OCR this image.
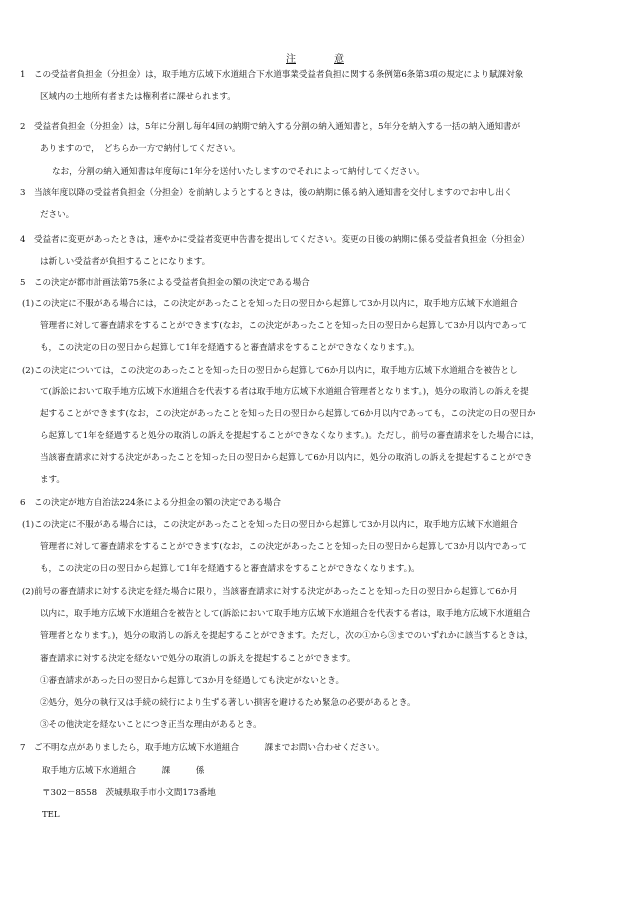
注	意
1　この受益者負担金（分担金）は，取手地方広域下水道組合下水道事業受益者負担に関する条例第6条第3項の規定により賦課対象
区域内の土地所有者または権利者に課せられます。
2　受益者負担金（分担金）は，5年に分割し毎年4回の納期で納入する分割の納入通知書と，5年分を納入する一括の納入通知書が
ありますので，　どちらか一方で納付してください。
なお，分割の納入通知書は年度毎に1年分を送付いたしますのでそれによって納付してください。
3　当該年度以降の受益者負担金（分担金）を前納しようとするときは，後の納期に係る納入通知書を交付しますのでお申し出く
ださい。
4　受益者に変更があったときは，速やかに受益者変更申告書を提出してください。変更の日後の納期に係る受益者負担金（分担金）
は新しい受益者が負担することになります。
5　この決定が都市計画法第75条による受益者負担金の額の決定である場合
(1)この決定に不服がある場合には，この決定があったことを知った日の翌日から起算して3か月以内に，取手地方広域下水道組合
管理者に対して審査請求をすることができます(なお，この決定があったことを知った日の翌日から起算して3か月以内であって
も，この決定の日の翌日から起算して1年を経過すると審査請求をすることができなくなります。)。
(2)この決定については，この決定のあったことを知った日の翌日から起算して6か月以内に，取手地方広域下水道組合を被告とし
て(訴訟において取手地方広域下水道組合を代表する者は取手地方広域下水道組合管理者となります。)，処分の取消しの訴えを提
起することができます(なお，この決定があったことを知った日の翌日から起算して6か月以内であっても，この決定の日の翌日か
ら起算して1年を経過すると処分の取消しの訴えを提起することができなくなります。)。ただし，前号の審査請求をした場合には，
当該審査請求に対する決定があったことを知った日の翌日から起算して6か月以内に，処分の取消しの訴えを提起することができ
ます。
6　この決定が地方自治法224条による分担金の額の決定である場合
(1)この決定に不服がある場合には，この決定があったことを知った日の翌日から起算して3か月以内に，取手地方広域下水道組合
管理者に対して審査請求をすることができます(なお，この決定があったことを知った日の翌日から起算して3か月以内であって
も，この決定の日の翌日から起算して1年を経過すると審査請求をすることができなくなります。)。
(2)前号の審査請求に対する決定を経た場合に限り，当該審査請求に対する決定があったことを知った日の翌日から起算して6か月
以内に，取手地方広域下水道組合を被告として(訴訟において取手地方広域下水道組合を代表する者は，取手地方広域下水道組合
管理者となります。)，処分の取消しの訴えを提起することができます。ただし，次の①から③までのいずれかに該当するときは，
審査請求に対する決定を経ないで処分の取消しの訴えを提起することができます。
①審査請求があった日の翌日から起算して3か月を経過しても決定がないとき。
②処分，処分の執行又は手続の続行により生ずる著しい損害を避けるため緊急の必要があるとき。
③その他決定を経ないことにつき正当な理由があるとき。
7　ご不明な点がありましたら，取手地方広域下水道組合　　　課までお問い合わせください。
取手地方広域下水道組合　　　課　　　係
〒302－8558　茨城県取手市小文間173番地
TEL
